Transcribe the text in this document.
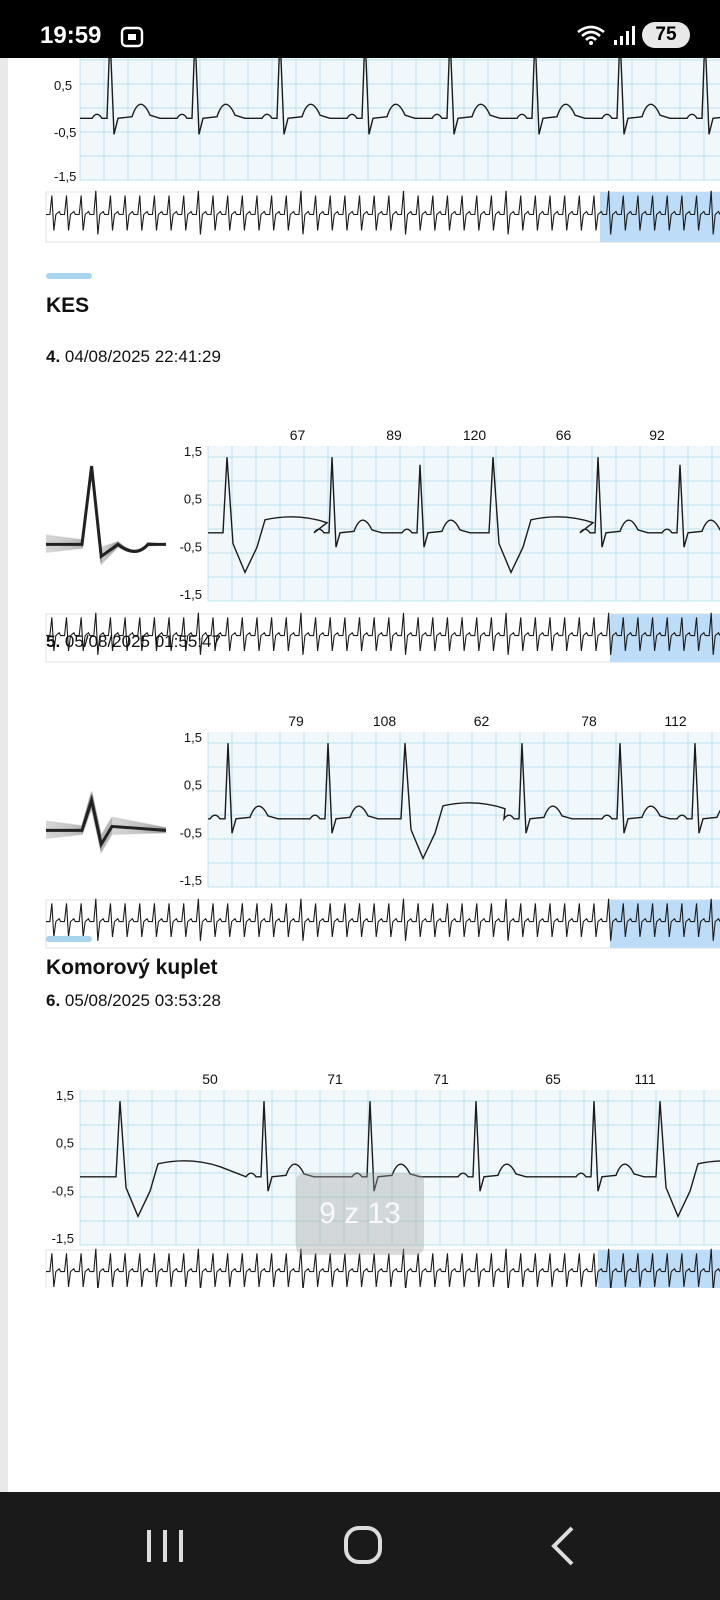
19:59	75
0,5
-0,5
-1,5
KES
4. 04/08/2025 22:41:29
1,5
0,5
-0,5
-1,5
67	89	120	66	92
5. 05/08/2025 01:55:47
1,5
0,5
-0,5
-1,5
79	108	62	78	112
Komorový kuplet
6. 05/08/2025 03:53:28
1,5
0,5
-0,5
-1,5
50	71	71	65	111
9 z 13
